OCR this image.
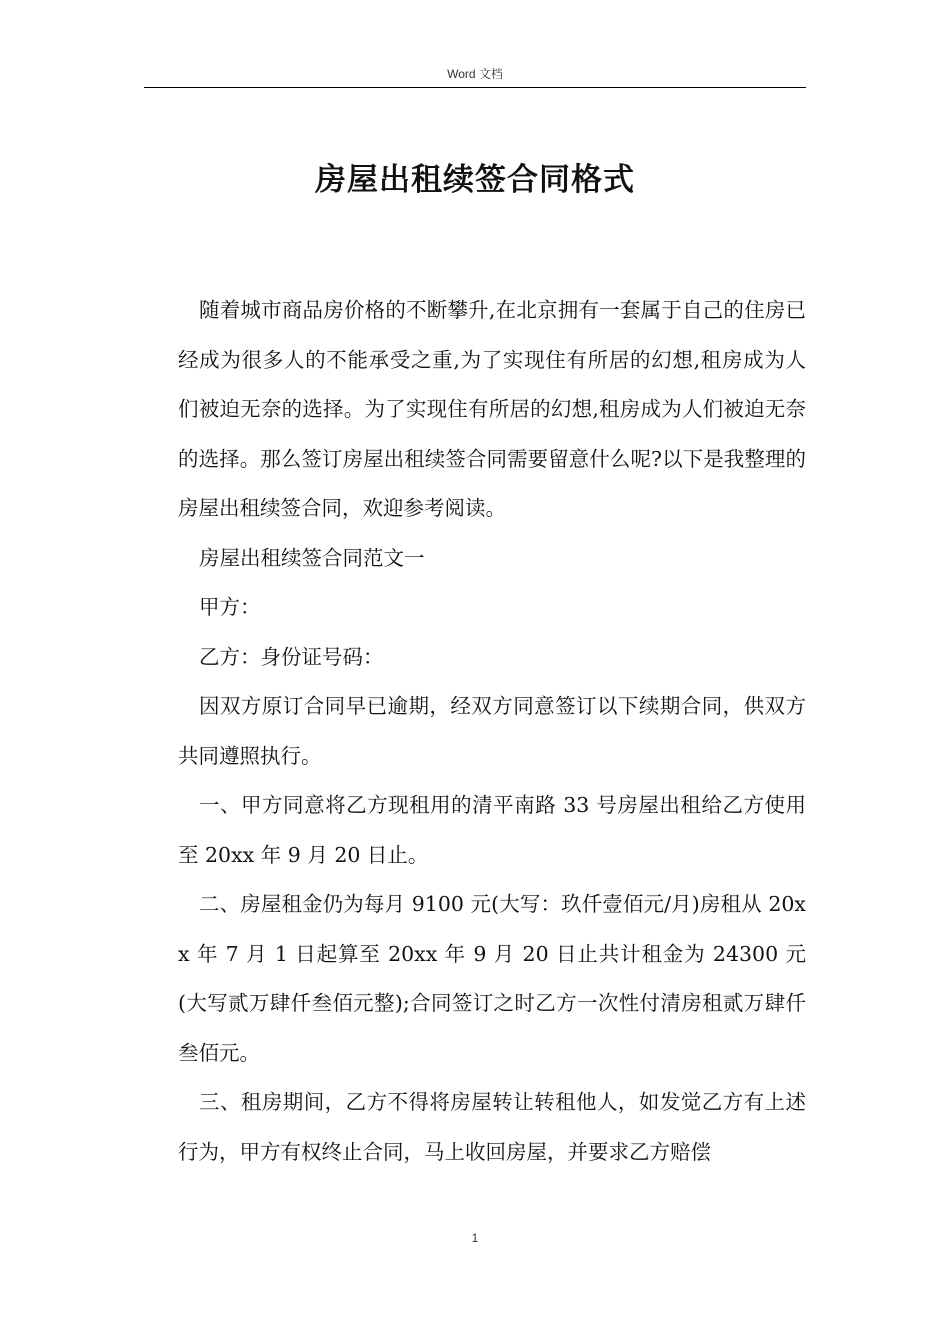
Word 文档
房屋出租续签合同格式

随着城市商品房价格的不断攀升,在北京拥有一套属于自己的住房已经成为很多人的不能承受之重,为了实现住有所居的幻想,租房成为人们被迫无奈的选择。为了实现住有所居的幻想,租房成为人们被迫无奈的选择。那么签订房屋出租续签合同需要留意什么呢?以下是我整理的房屋出租续签合同，欢迎参考阅读。

房屋出租续签合同范文一

甲方：

乙方：身份证号码：

因双方原订合同早已逾期，经双方同意签订以下续期合同，供双方共同遵照执行。

一、甲方同意将乙方现租用的清平南路 33 号房屋出租给乙方使用至 20xx 年 9 月 20 日止。

二、房屋租金仍为每月 9100 元(大写：玖仟壹佰元/月)房租从 20xx 年 7 月 1 日起算至 20xx 年 9 月 20 日止共计租金为 24300 元(大写贰万肆仟叁佰元整);合同签订之时乙方一次性付清房租贰万肆仟叁佰元。

三、租房期间，乙方不得将房屋转让转租他人，如发觉乙方有上述行为，甲方有权终止合同，马上收回房屋，并要求乙方赔偿

1
